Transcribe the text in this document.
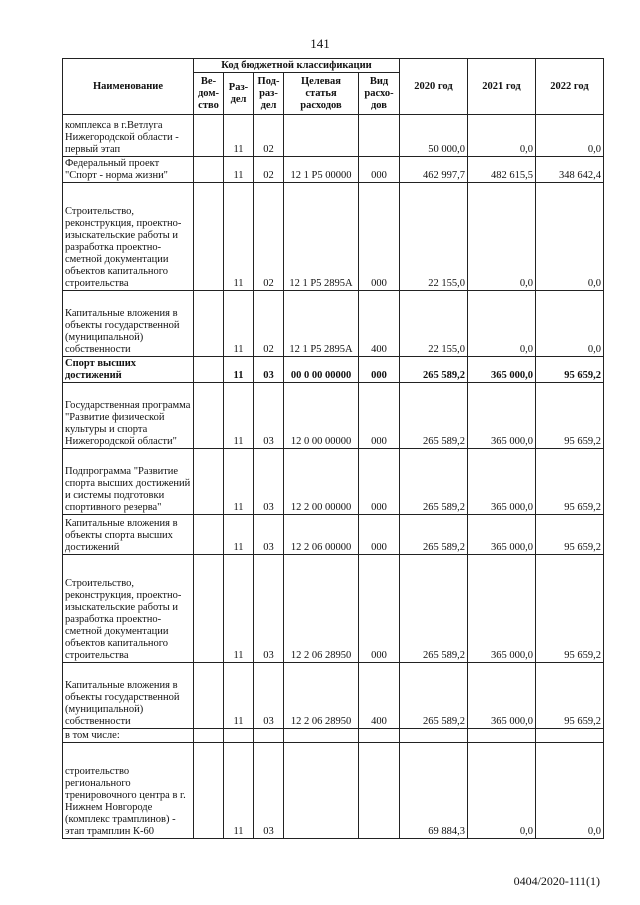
141
Наименование	Код бюджетной классификации					2020 год	2021 год	2022 год
	Ве-дом-ство	Раз-дел	Под-раз-дел	Целевая статья расходов	Вид расхо-дов			
комплекса в г.Ветлуга Нижегородской области - первый этап		11	02			50 000,0	0,0	0,0
Федеральный проект "Спорт - норма жизни"		11	02	12 1 Р5 00000	000	462 997,7	482 615,5	348 642,4
Строительство, реконструкция, проектно-изыскательские работы и разработка проектно-сметной документации объектов капитального строительства		11	02	12 1 Р5 2895А	000	22 155,0	0,0	0,0
Капитальные вложения в объекты государственной (муниципальной) собственности		11	02	12 1 Р5 2895А	400	22 155,0	0,0	0,0
Спорт высших достижений		11	03	00 0 00 00000	000	265 589,2	365 000,0	95 659,2
Государственная программа "Развитие физической культуры и спорта Нижегородской области"		11	03	12 0 00 00000	000	265 589,2	365 000,0	95 659,2
Подпрограмма "Развитие спорта высших достижений и системы подготовки спортивного резерва"		11	03	12 2 00 00000	000	265 589,2	365 000,0	95 659,2
Капитальные вложения в объекты спорта высших достижений		11	03	12 2 06 00000	000	265 589,2	365 000,0	95 659,2
Строительство, реконструкция, проектно-изыскательские работы и разработка проектно-сметной документации объектов капитального строительства		11	03	12 2 06 28950	000	265 589,2	365 000,0	95 659,2
Капитальные вложения в объекты государственной (муниципальной) собственности		11	03	12 2 06 28950	400	265 589,2	365 000,0	95 659,2
в том числе:								
строительство регионального тренировочного центра в г. Нижнем Новгороде (комплекс трамплинов) - этап трамплин К-60		11	03			69 884,3	0,0	0,0
0404/2020-111(1)
